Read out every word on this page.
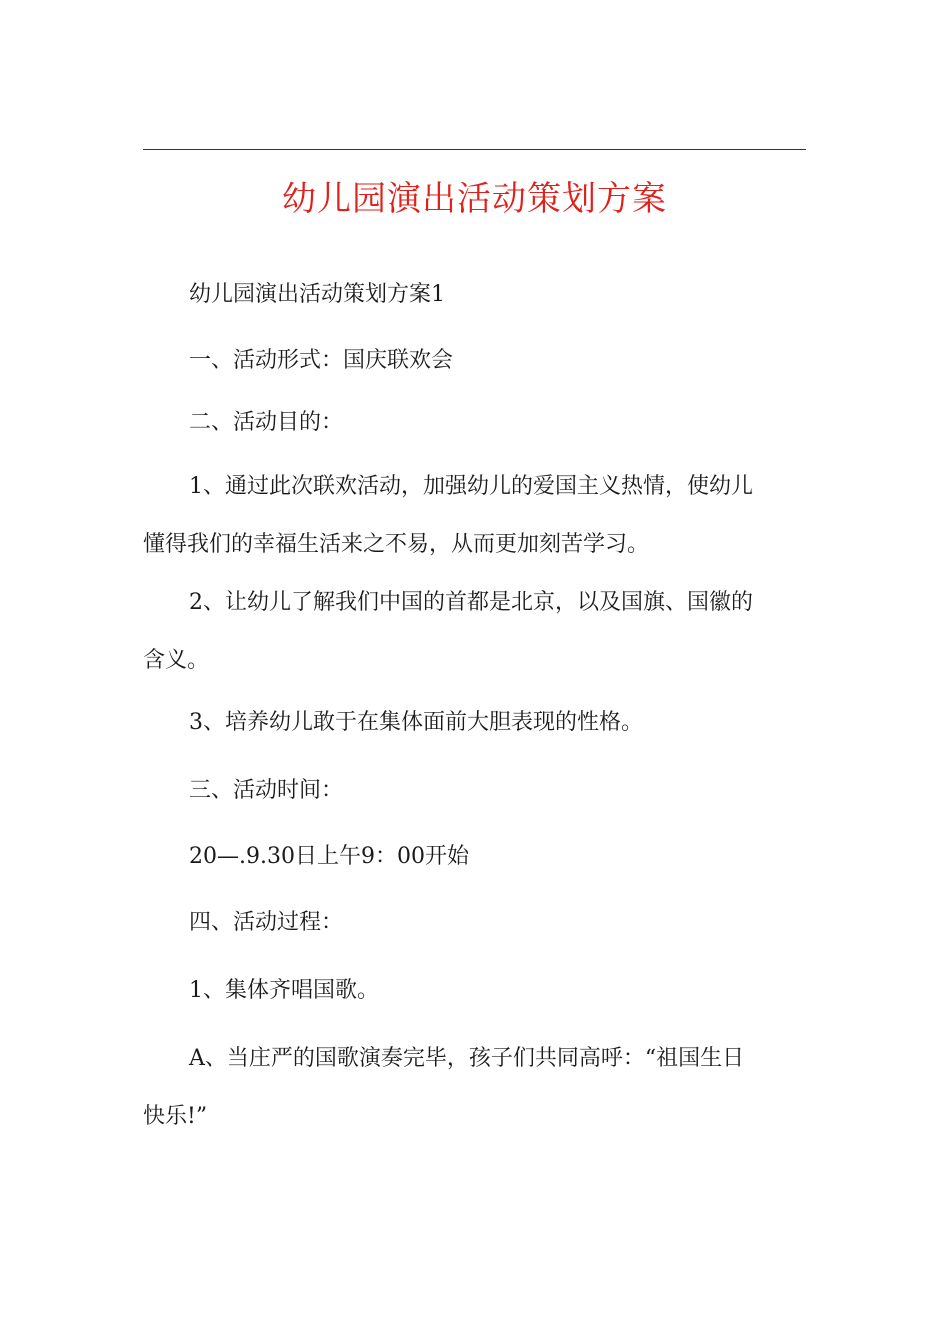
幼儿园演出活动策划方案

幼儿园演出活动策划方案1

一、活动形式：国庆联欢会

二、活动目的：

1、通过此次联欢活动，加强幼儿的爱国主义热情，使幼儿
懂得我们的幸福生活来之不易，从而更加刻苦学习。

2、让幼儿了解我们中国的首都是北京，以及国旗、国徽的
含义。

3、培养幼儿敢于在集体面前大胆表现的性格。

三、活动时间：

20—.9.30日上午9：00开始

四、活动过程：

1、集体齐唱国歌。

A、当庄严的国歌演奏完毕，孩子们共同高呼：“祖国生日
快乐!”
